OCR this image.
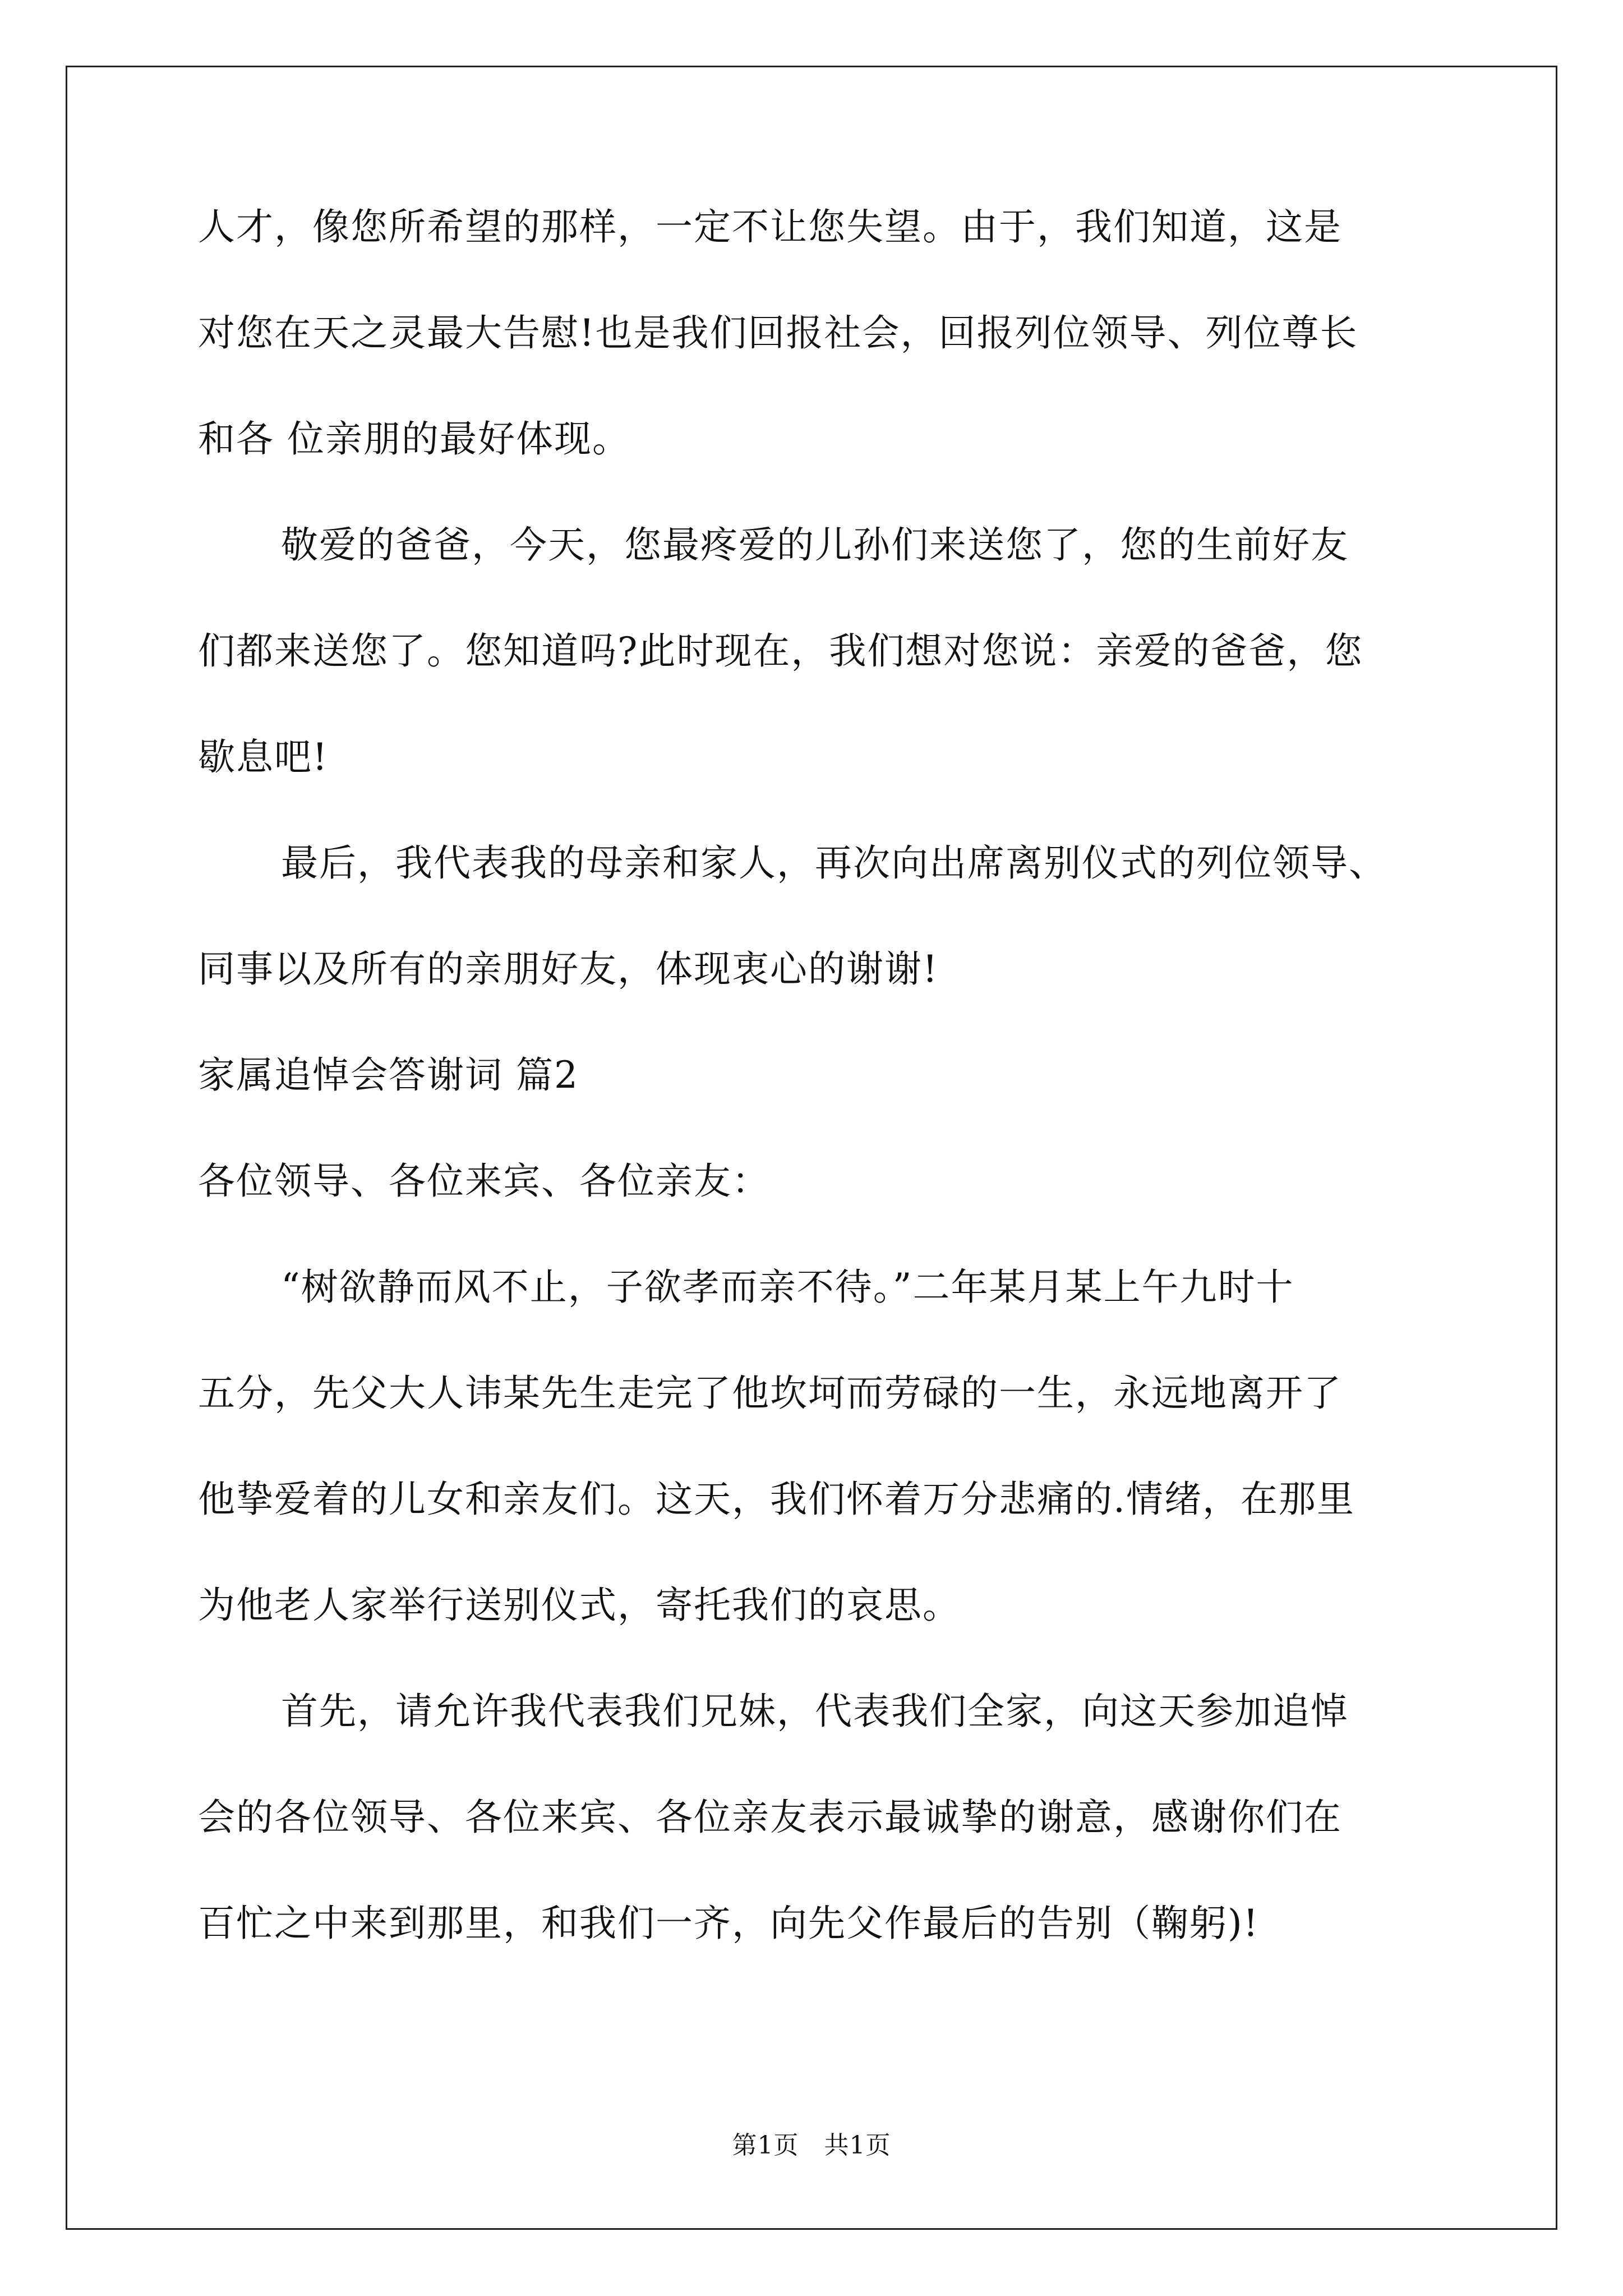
人才，像您所希望的那样，一定不让您失望。由于，我们知道，这是
对您在天之灵最大告慰!也是我们回报社会，回报列位领导、列位尊长
和各 位亲朋的最好体现。
敬爱的爸爸，今天，您最疼爱的儿孙们来送您了，您的生前好友
们都来送您了。您知道吗?此时现在，我们想对您说：亲爱的爸爸，您
歇息吧!
最后，我代表我的母亲和家人，再次向出席离别仪式的列位领导、
同事以及所有的亲朋好友，体现衷心的谢谢!
家属追悼会答谢词 篇2
各位领导、各位来宾、各位亲友：
“树欲静而风不止，子欲孝而亲不待。”二年某月某上午九时十
五分，先父大人讳某先生走完了他坎坷而劳碌的一生，永远地离开了
他挚爱着的儿女和亲友们。这天，我们怀着万分悲痛的.情绪，在那里
为他老人家举行送别仪式，寄托我们的哀思。
首先，请允许我代表我们兄妹，代表我们全家，向这天参加追悼
会的各位领导、各位来宾、各位亲友表示最诚挚的谢意，感谢你们在
百忙之中来到那里，和我们一齐，向先父作最后的告别（鞠躬)!
第1页　共1页
